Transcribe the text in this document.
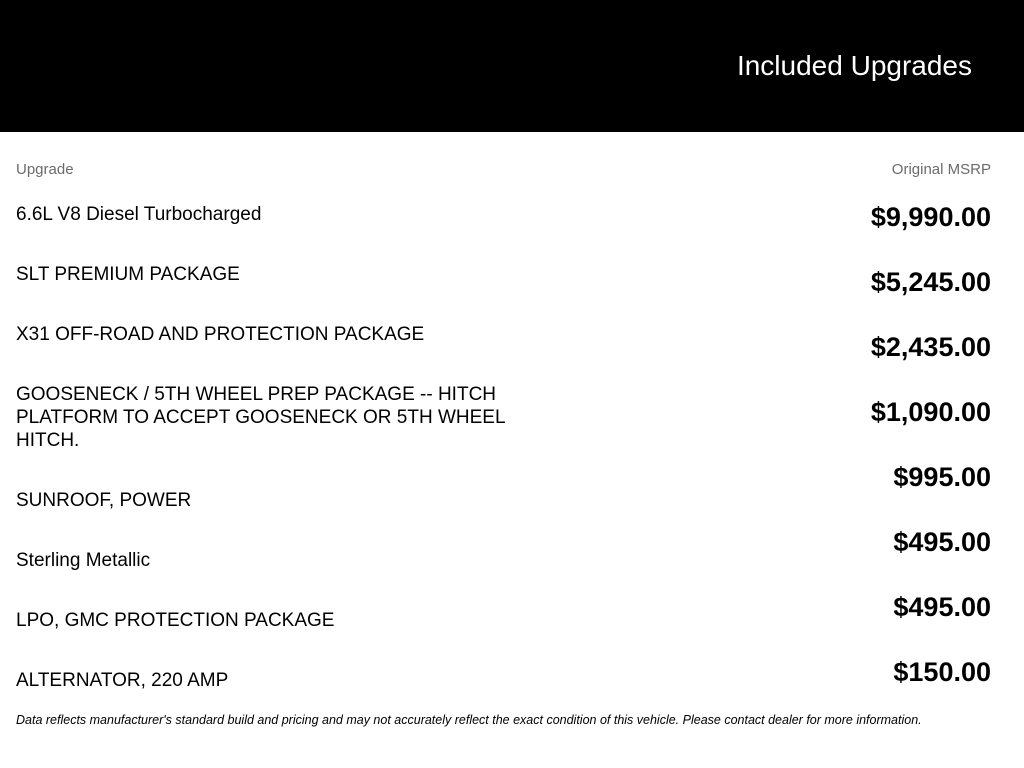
Included Upgrades
Upgrade	Original MSRP
6.6L V8 Diesel Turbocharged
SLT PREMIUM PACKAGE
X31 OFF-ROAD AND PROTECTION PACKAGE
GOOSENECK / 5TH WHEEL PREP PACKAGE -- HITCH PLATFORM TO ACCEPT GOOSENECK OR 5TH WHEEL HITCH.
SUNROOF, POWER
Sterling Metallic
LPO, GMC PROTECTION PACKAGE
ALTERNATOR, 220 AMP
$9,990.00
$5,245.00
$2,435.00
$1,090.00
$995.00
$495.00
$495.00
$150.00
Data reflects manufacturer's standard build and pricing and may not accurately reflect the exact condition of this vehicle. Please contact dealer for more information.
